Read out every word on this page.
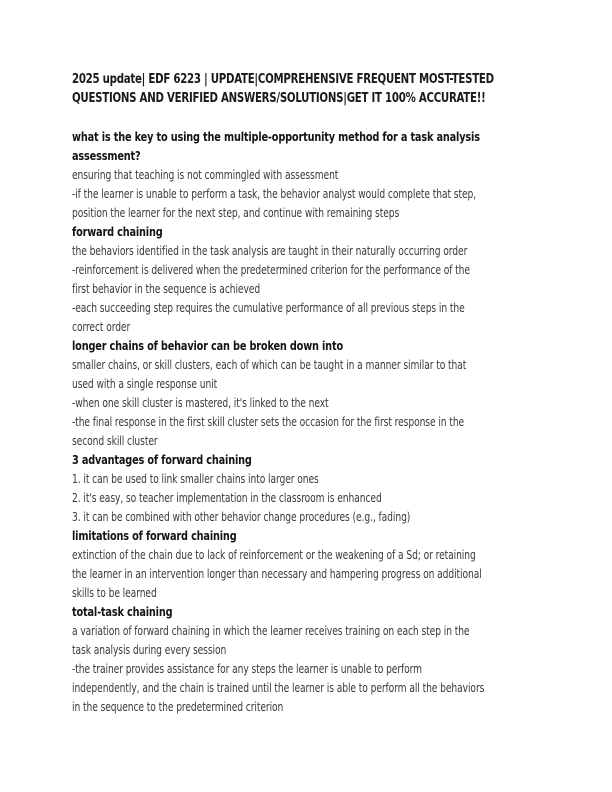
2025 update| EDF 6223 | UPDATE|COMPREHENSIVE FREQUENT MOST-TESTED
QUESTIONS AND VERIFIED ANSWERS/SOLUTIONS|GET IT 100% ACCURATE!!
what is the key to using the multiple-opportunity method for a task analysis
assessment?
ensuring that teaching is not commingled with assessment
-if the learner is unable to perform a task, the behavior analyst would complete that step,
position the learner for the next step, and continue with remaining steps
forward chaining
the behaviors identified in the task analysis are taught in their naturally occurring order
-reinforcement is delivered when the predetermined criterion for the performance of the
first behavior in the sequence is achieved
-each succeeding step requires the cumulative performance of all previous steps in the
correct order
longer chains of behavior can be broken down into
smaller chains, or skill clusters, each of which can be taught in a manner similar to that
used with a single response unit
-when one skill cluster is mastered, it's linked to the next
-the final response in the first skill cluster sets the occasion for the first response in the
second skill cluster
3 advantages of forward chaining
1. it can be used to link smaller chains into larger ones
2. it's easy, so teacher implementation in the classroom is enhanced
3. it can be combined with other behavior change procedures (e.g., fading)
limitations of forward chaining
extinction of the chain due to lack of reinforcement or the weakening of a Sd; or retaining
the learner in an intervention longer than necessary and hampering progress on additional
skills to be learned
total-task chaining
a variation of forward chaining in which the learner receives training on each step in the
task analysis during every session
-the trainer provides assistance for any steps the learner is unable to perform
independently, and the chain is trained until the learner is able to perform all the behaviors
in the sequence to the predetermined criterion
